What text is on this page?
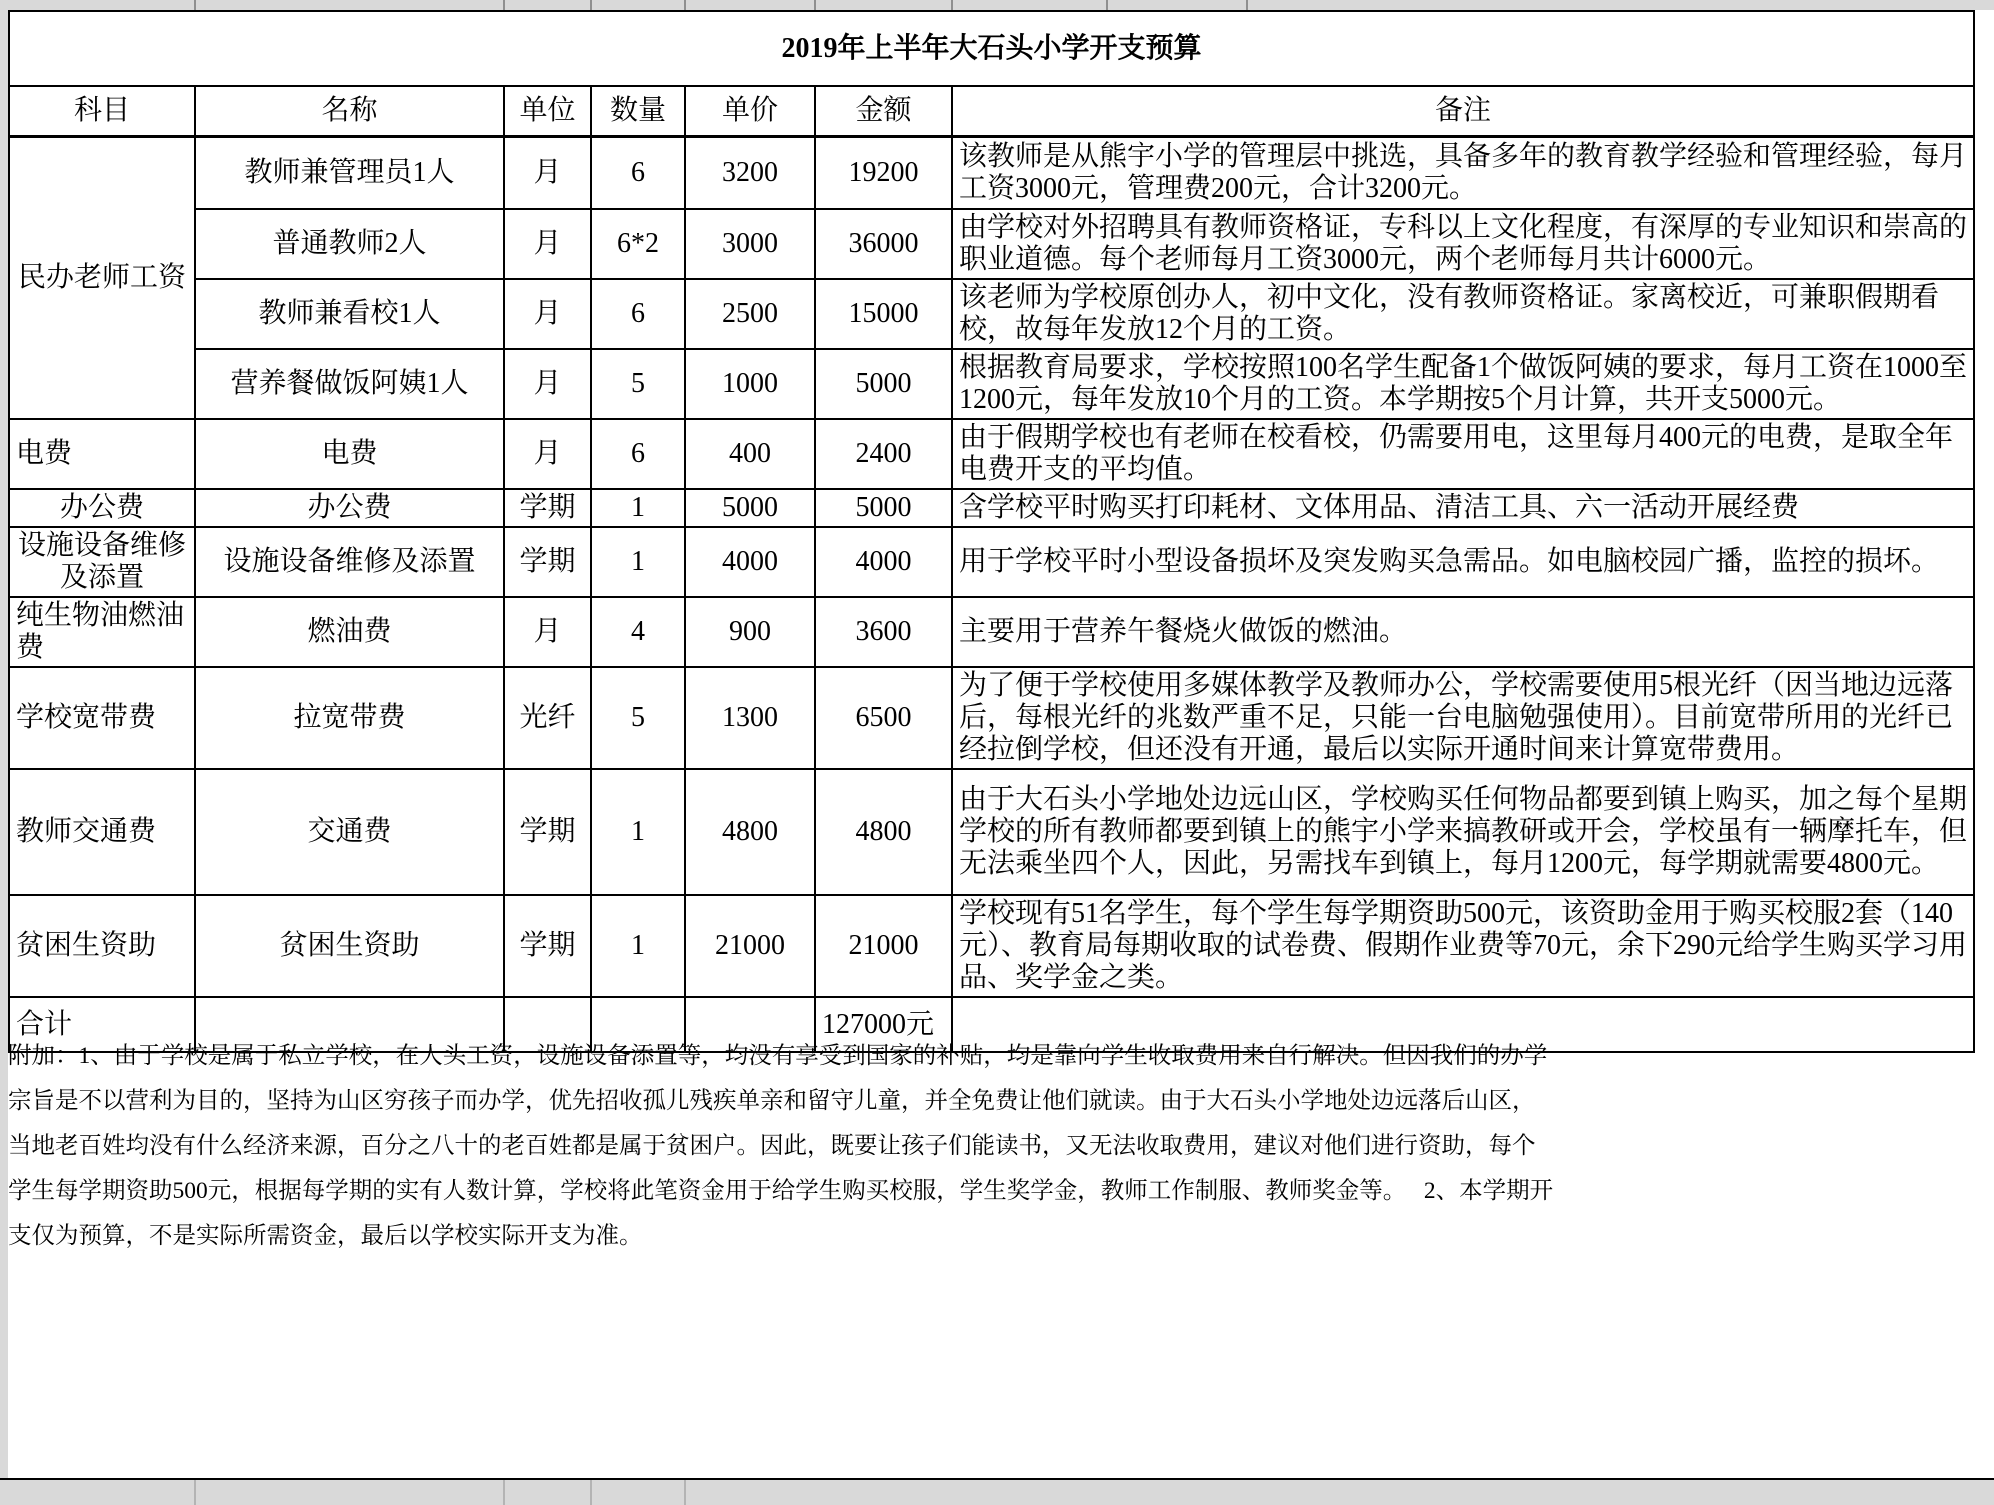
2019年上半年大石头小学开支预算						
科目	名称	单位	数量	单价	金额	备注
民办老师工资	教师兼管理员1人	月	6	3200	19200	该教师是从熊宇小学的管理层中挑选，具备多年的教育教学经验和管理经验，每月工资3000元，管理费200元，合计3200元。
	普通教师2人	月	6*2	3000	36000	由学校对外招聘具有教师资格证，专科以上文化程度，有深厚的专业知识和崇高的职业道德。每个老师每月工资3000元，两个老师每月共计6000元。
	教师兼看校1人	月	6	2500	15000	该老师为学校原创办人，初中文化，没有教师资格证。家离校近，可兼职假期看校，故每年发放12个月的工资。
	营养餐做饭阿姨1人	月	5	1000	5000	根据教育局要求，学校按照100名学生配备1个做饭阿姨的要求，每月工资在1000至1200元，每年发放10个月的工资。本学期按5个月计算，共开支5000元。
电费	电费	月	6	400	2400	由于假期学校也有老师在校看校，仍需要用电，这里每月400元的电费，是取全年电费开支的平均值。
办公费	办公费	学期	1	5000	5000	含学校平时购买打印耗材、文体用品、清洁工具、六一活动开展经费
设施设备维修及添置	设施设备维修及添置	学期	1	4000	4000	用于学校平时小型设备损坏及突发购买急需品。如电脑校园广播，监控的损坏。
纯生物油燃油费	燃油费	月	4	900	3600	主要用于营养午餐烧火做饭的燃油。
学校宽带费	拉宽带费	光纤	5	1300	6500	为了便于学校使用多媒体教学及教师办公，学校需要使用5根光纤（因当地边远落后，每根光纤的兆数严重不足，只能一台电脑勉强使用）。目前宽带所用的光纤已经拉倒学校，但还没有开通，最后以实际开通时间来计算宽带费用。
教师交通费	交通费	学期	1	4800	4800	由于大石头小学地处边远山区，学校购买任何物品都要到镇上购买，加之每个星期学校的所有教师都要到镇上的熊宇小学来搞教研或开会，学校虽有一辆摩托车，但无法乘坐四个人，因此，另需找车到镇上，每月1200元，每学期就需要4800元。
贫困生资助	贫困生资助	学期	1	21000	21000	学校现有51名学生，每个学生每学期资助500元，该资助金用于购买校服2套（140元）、教育局每期收取的试卷费、假期作业费等70元，余下290元给学生购买学习用品、奖学金之类。
合计					127000元	
附加：1、由于学校是属于私立学校，在人头工资，设施设备添置等，均没有享受到国家的补贴，均是靠向学生收取费用来自行解决。但因我们的办学宗旨是不以营利为目的，坚持为山区穷孩子而办学，优先招收孤儿残疾单亲和留守儿童，并全免费让他们就读。由于大石头小学地处边远落后山区，当地老百姓均没有什么经济来源，百分之八十的老百姓都是属于贫困户。因此，既要让孩子们能读书，又无法收取费用，建议对他们进行资助，每个学生每学期资助500元，根据每学期的实有人数计算，学校将此笔资金用于给学生购买校服，学生奖学金，教师工作制服、教师奖金等。　 2、本学期开支仅为预算，不是实际所需资金，最后以学校实际开支为准。
